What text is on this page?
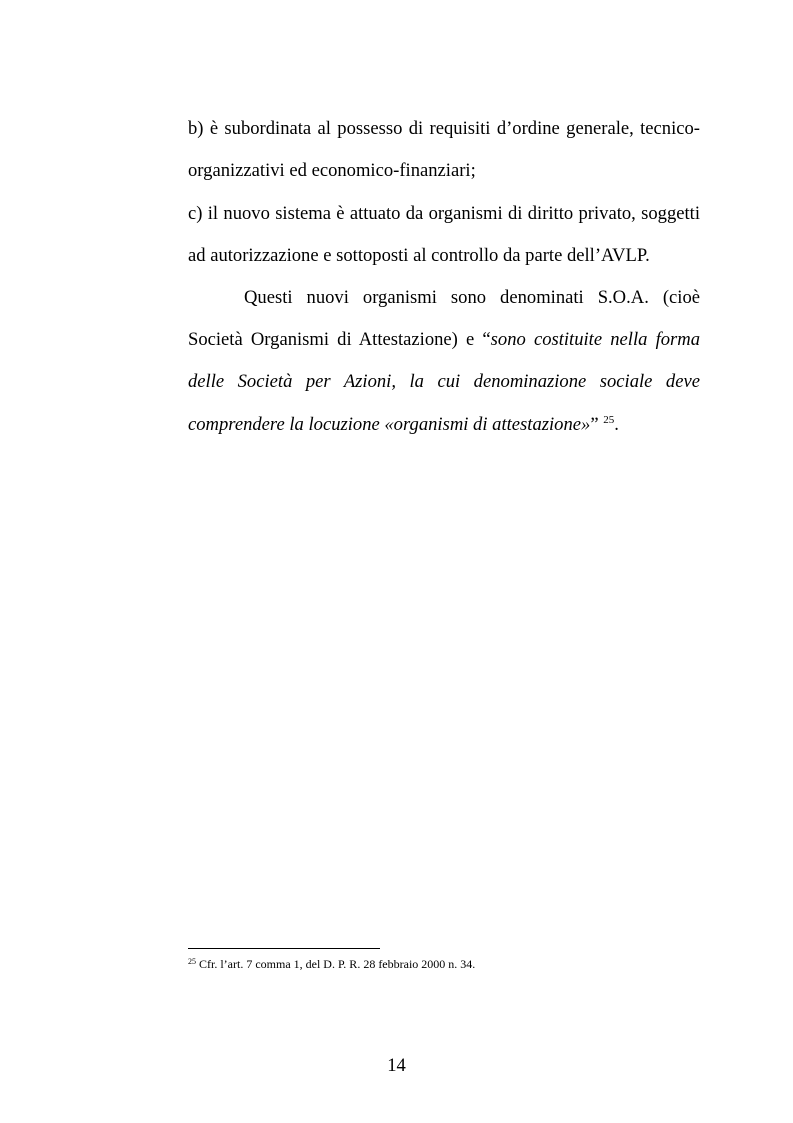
b) è subordinata al possesso di requisiti d’ordine generale, tecnico-
organizzativi ed economico-finanziari;
c) il nuovo sistema è attuato da organismi di diritto privato, soggetti
ad autorizzazione e sottoposti al controllo da parte dell’AVLP.
Questi nuovi organismi sono denominati S.O.A. (cioè
Società Organismi di Attestazione) e “sono costituite nella forma
delle Società per Azioni, la cui denominazione sociale deve
comprendere la locuzione «organismi di attestazione»” $^{25}$.
$^{25}$ Cfr. l’art. 7 comma 1, del D. P. R. 28 febbraio 2000 n. 34.
14
